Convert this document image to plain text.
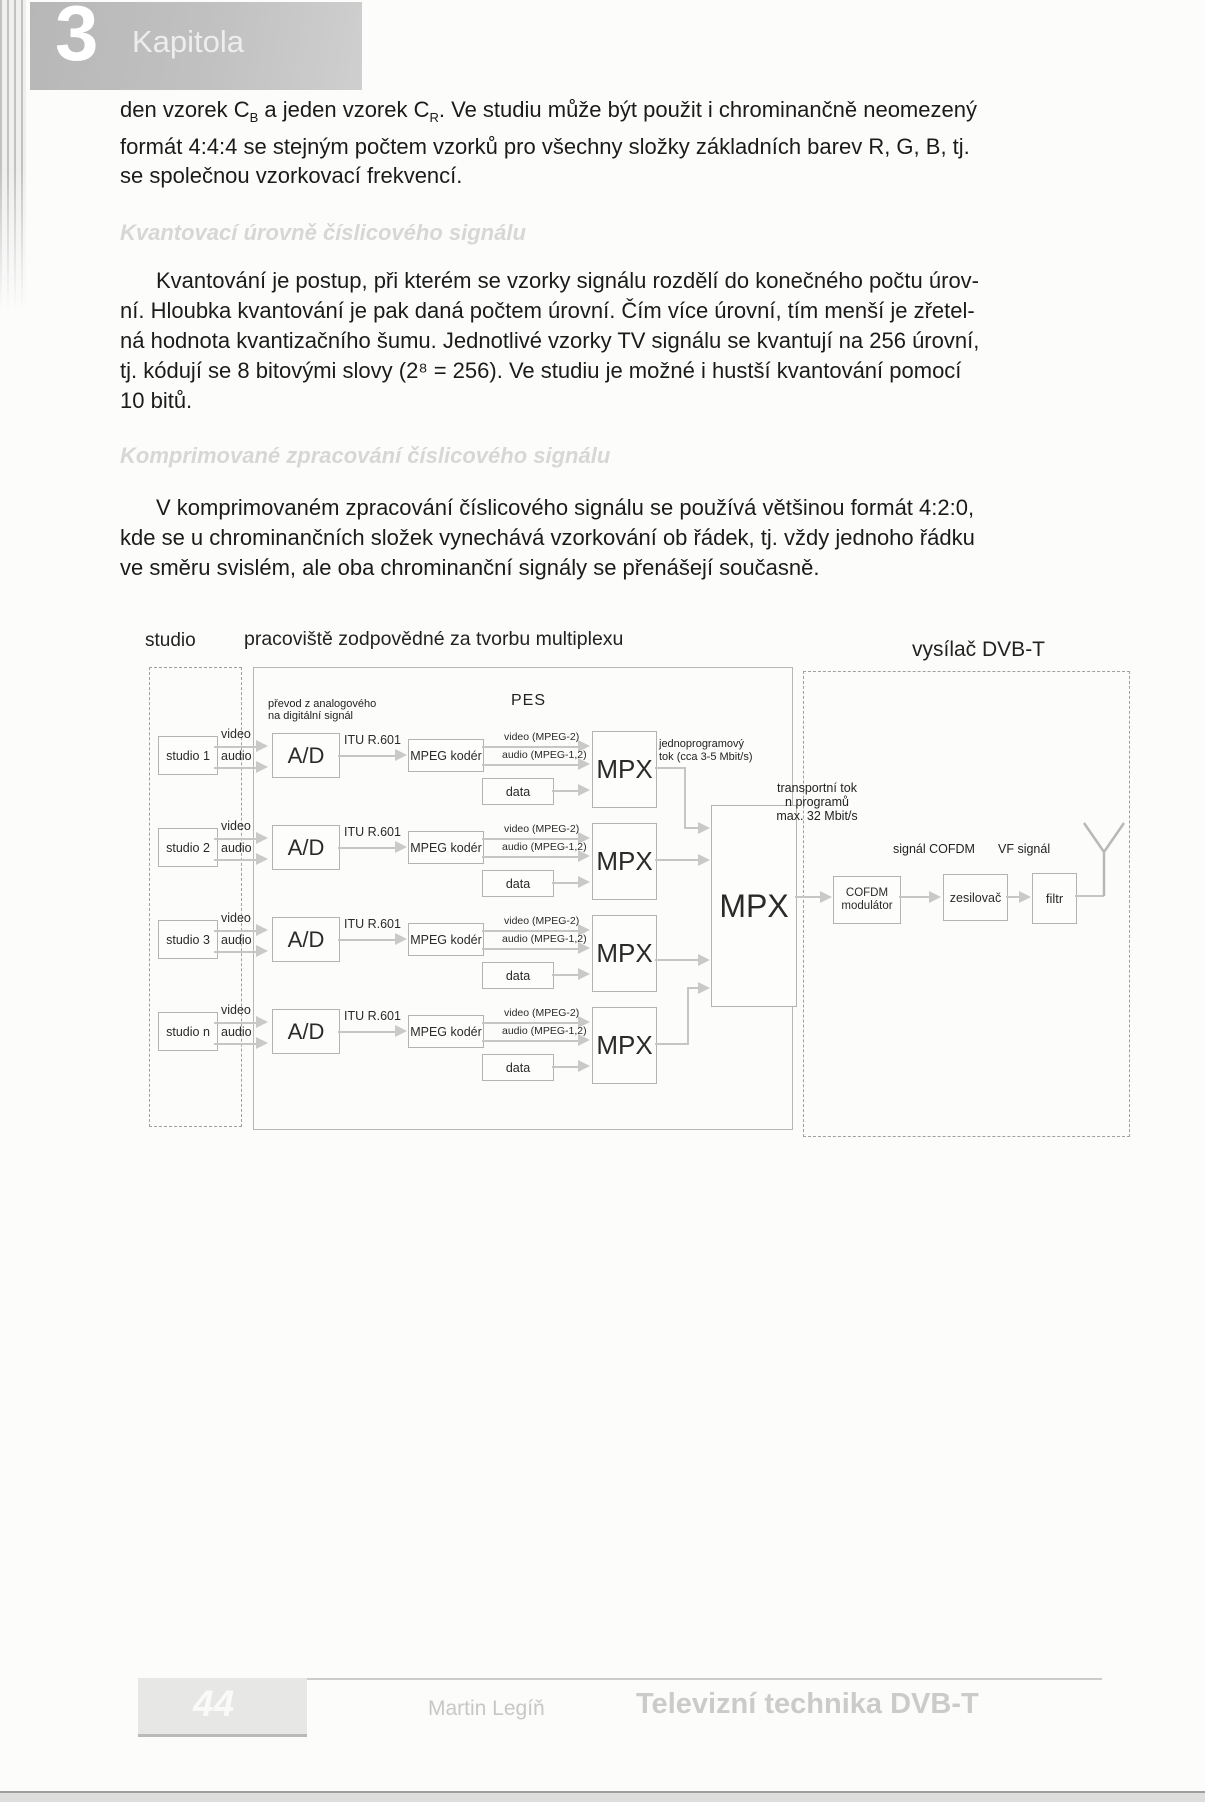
3 Kapitola
den vzorek $C_B$ a jeden vzorek $C_R$. Ve studiu může být použit i chrominančně neomezený
formát 4:4:4 se stejným počtem vzorků pro všechny složky základních barev R, G, B, tj.
se společnou vzorkovací frekvencí.
Kvantovací úrovně číslicového signálu
Kvantování je postup, při kterém se vzorky signálu rozdělí do konečného počtu úrov-
ní. Hloubka kvantování je pak daná počtem úrovní. Čím více úrovní, tím menší je zřetel-
ná hodnota kvantizačního šumu. Jednotlivé vzorky TV signálu se kvantují na 256 úrovní,
tj. kódují se 8 bitovými slovy (2⁸ = 256). Ve studiu je možné i hustší kvantování pomocí
10 bitů.
Komprimované zpracování číslicového signálu
V komprimovaném zpracování číslicového signálu se používá většinou formát 4:2:0,
kde se u chrominančních složek vynechává vzorkování ob řádek, tj. vždy jednoho řádku
ve směru svislém, ale oba chrominanční signály se přenášejí současně.
studio pracoviště zodpovědné za tvorbu multiplexu	vysílač DVB-T
převod z analogového
na digitální signál
PES
studio 1
video
audio	A/D
ITU R.601
MPEG kodér
video (MPEG-2)
audio (MPEG-1,2)
data
MPX
studio 2
video
audio	A/D
ITU R.601
MPEG kodér
video (MPEG-2)
audio (MPEG-1,2)
data
MPX
studio 3
video
audio	A/D
ITU R.601
MPEG kodér
video (MPEG-2)
audio (MPEG-1,2)
data
MPX
studio n
video
audio	A/D
ITU R.601
MPEG kodér
video (MPEG-2)
audio (MPEG-1,2)
data
MPX
jednoprogramový
tok (cca 3-5 Mbit/s)
MPX
transportní tok
n programů
max. 32 Mbit/s
signál COFDM VF signál
COFDM
modulátor
zesilovač	filtr
44	Martin Legíň	Televizní technika DVB-T
